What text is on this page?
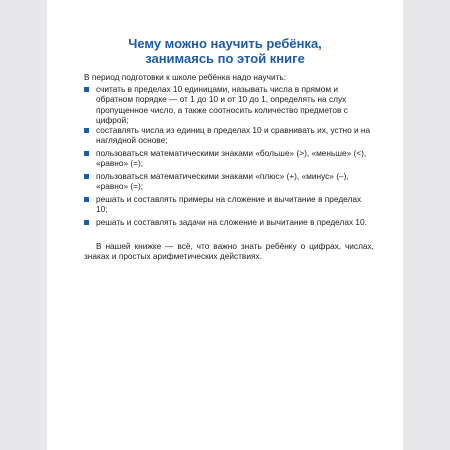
Чему можно научить ребёнка,
занимаясь по этой книге
В период подготовки к школе ребёнка надо научить:
считать в пределах 10 единицами, называть числа в прямом и обратном порядке — от 1 до 10 и от 10 до 1, определять на слух пропущенное число, а также соотносить количество предметов с цифрой;
составлять числа из единиц в пределах 10 и сравнивать их, устно и на наглядной основе;
пользоваться математическими знаками «больше» (>), «меньше» (<), «равно» (=);
пользоваться математическими знаками «плюс» (+), «минус» (–), «равно» (=);
решать и составлять примеры на сложение и вычитание в пределах 10;
решать и составлять задачи на сложение и вычитание в пределах 10.
В нашей книжке — всё, что важно знать ребёнку о цифрах, числах, знаках и простых арифметических действиях.
